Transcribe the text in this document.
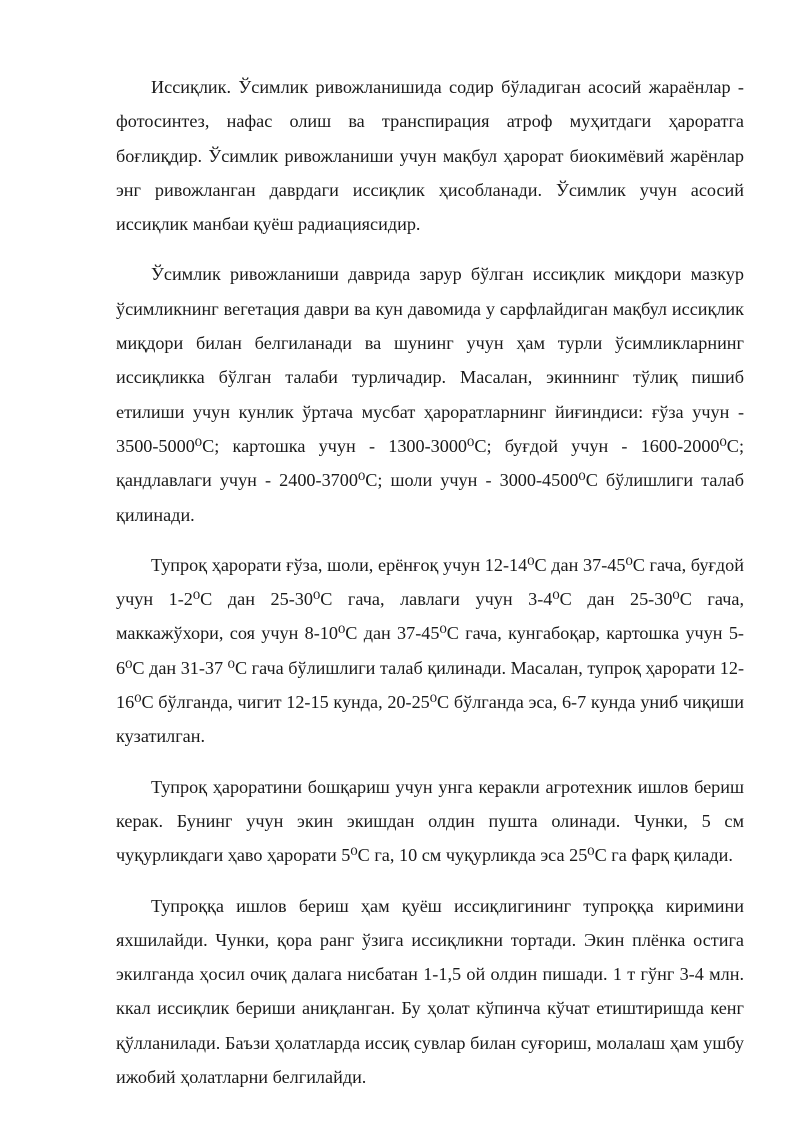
Иссиқлик. Ўсимлик ривожланишида содир бўладиган асосий жараёнлар - фотосинтез, нафас олиш ва транспирация атроф муҳитдаги ҳароратга боғлиқдир. Ўсимлик ривожланиши учун мақбул ҳарорат биокимёвий жарёнлар энг ривожланган даврдаги иссиқлик ҳисобланади. Ўсимлик учун асосий иссиқлик манбаи қуёш радиациясидир.

Ўсимлик ривожланиши даврида зарур бўлган иссиқлик миқдори мазкур ўсимликнинг вегетация даври ва кун давомида у сарфлайдиган мақбул иссиқлик миқдори билан белгиланади ва шунинг учун ҳам турли ўсимликларнинг иссиқликка бўлган талаби турличадир. Масалан, экиннинг тўлиқ пишиб етилиши учун кунлик ўртача мусбат ҳароратларнинг йиғиндиси: ғўза учун - 3500-5000⁰С; картошка учун - 1300-3000⁰С; буғдой учун - 1600-2000⁰С; қандлавлаги учун - 2400-3700⁰С; шоли учун - 3000-4500⁰С бўлишлиги талаб қилинади.

Тупроқ ҳарорати ғўза, шоли, ерёнғоқ учун 12-14⁰С дан 37-45⁰С гача, буғдой учун 1-2⁰С дан 25-30⁰С гача, лавлаги учун 3-4⁰С дан 25-30⁰С гача, маккажўхори, соя учун 8-10⁰С дан 37-45⁰С гача, кунгабоқар, картошка учун 5-6⁰С дан 31-37 ⁰С гача бўлишлиги талаб қилинади. Масалан, тупроқ ҳарорати 12-16⁰С бўлганда, чигит 12-15 кунда, 20-25⁰С бўлганда эса, 6-7 кунда униб чиқиши кузатилган.

Тупроқ ҳароратини бошқариш учун унга керакли агротехник ишлов бериш керак. Бунинг учун экин экишдан олдин пушта олинади. Чунки, 5 см чуқурликдаги ҳаво ҳарорати 5⁰С га, 10 см чуқурликда эса 25⁰С га фарқ қилади.

Тупроққа ишлов бериш ҳам қуёш иссиқлигининг тупроққа киримини яхшилайди. Чунки, қора ранг ўзига иссиқликни тортади. Экин плёнка остига экилганда ҳосил очиқ далага нисбатан 1-1,5 ой олдин пишади. 1 т гўнг 3-4 млн. ккал иссиқлик бериши аниқланган. Бу ҳолат кўпинча кўчат етиштиришда кенг қўлланилади. Баъзи ҳолатларда иссиқ сувлар билан суғориш, молалаш ҳам ушбу ижобий ҳолатларни белгилайди.
